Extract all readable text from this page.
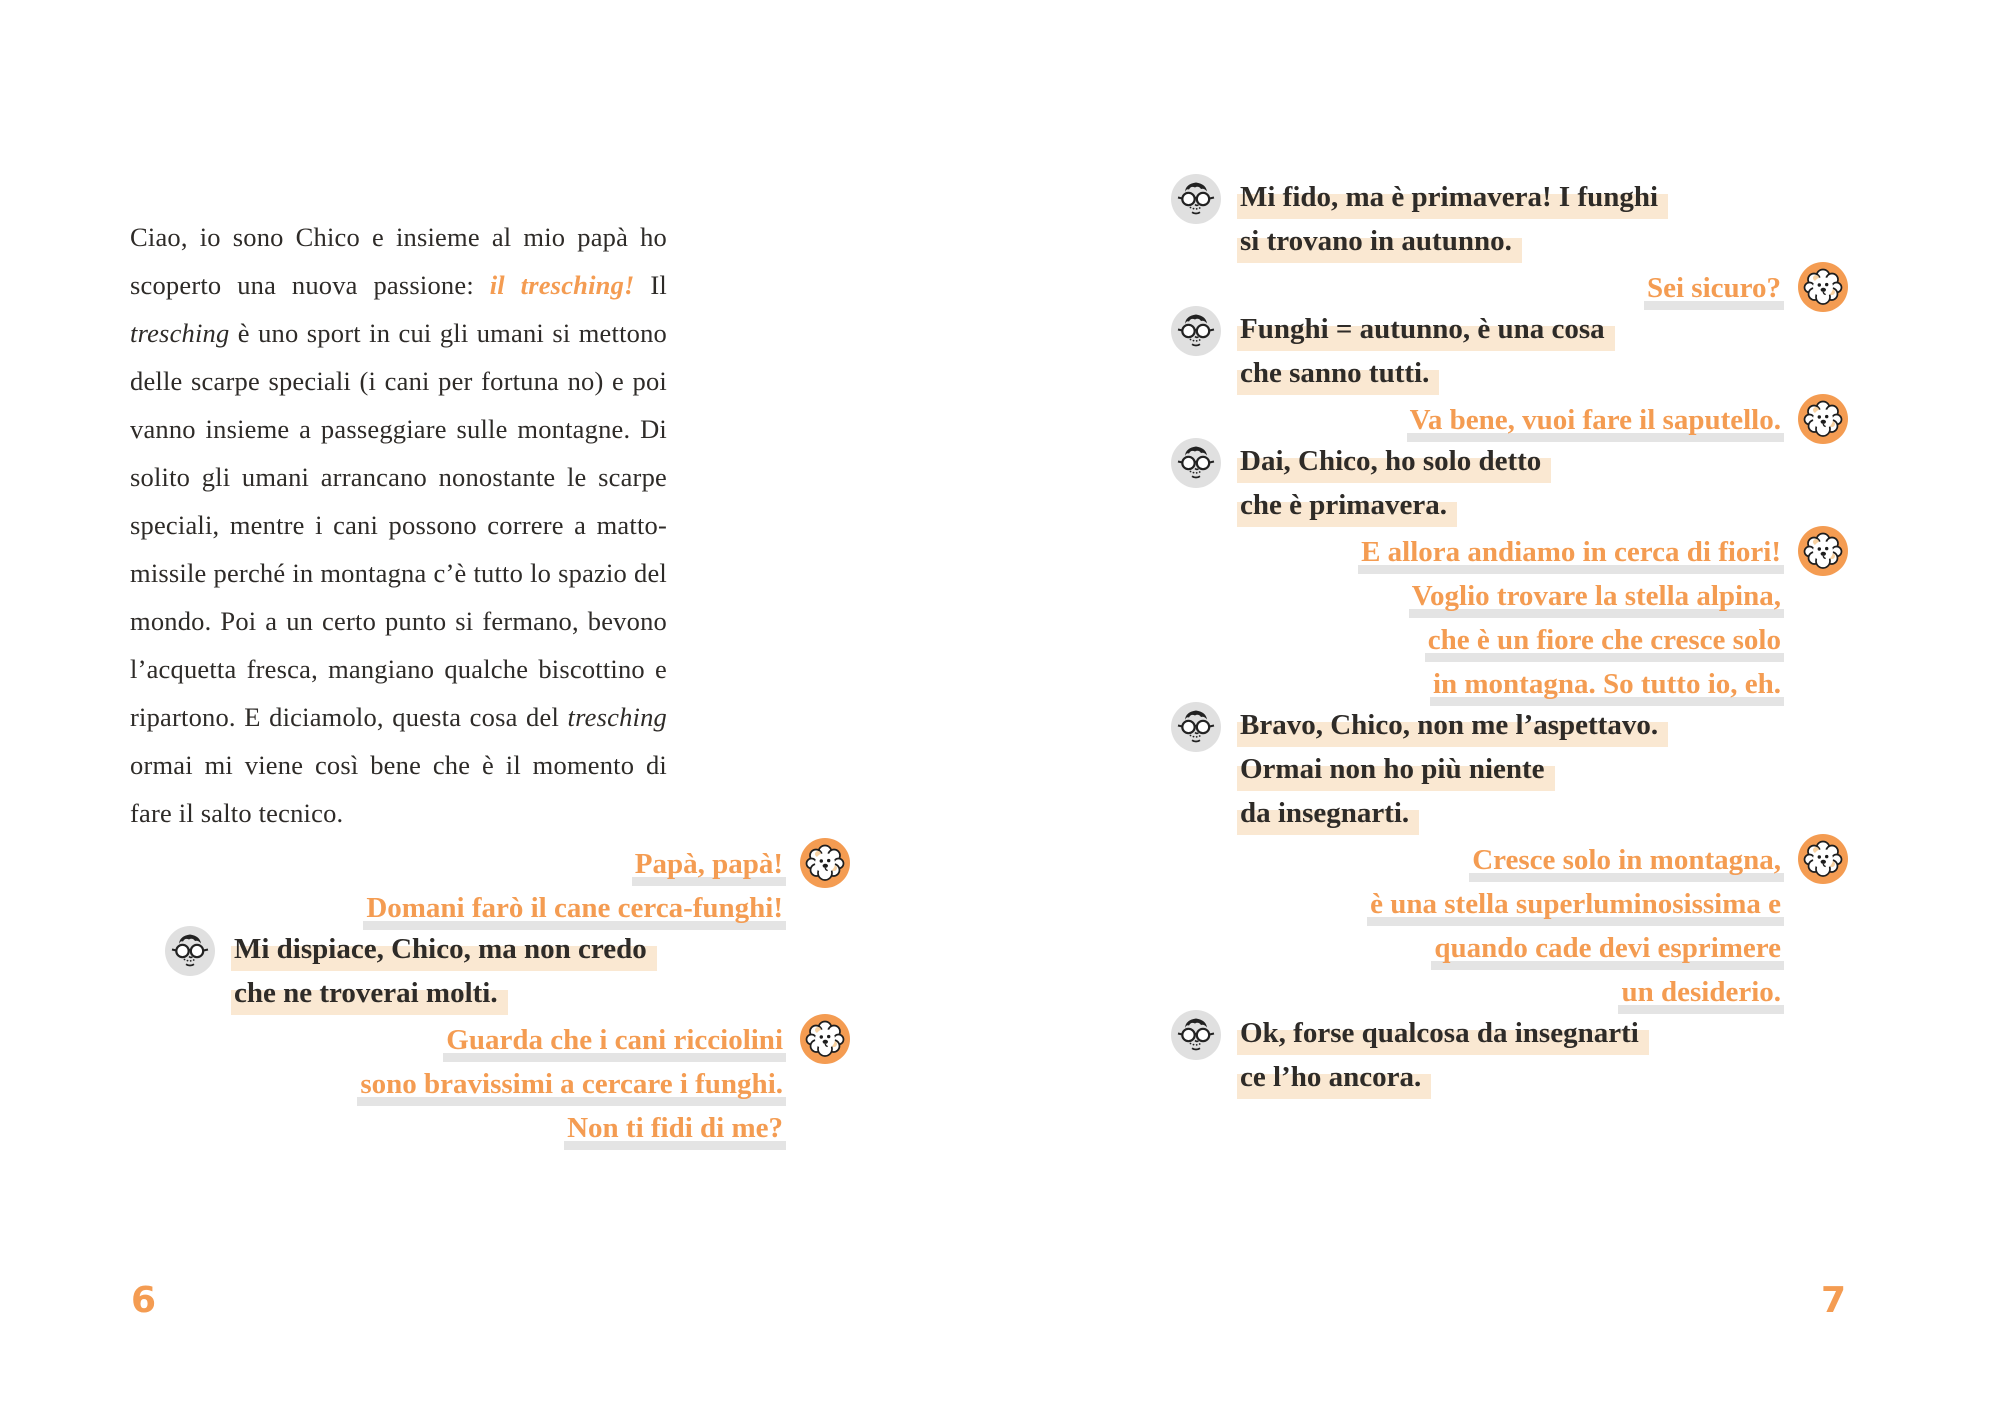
Ciao, io sono Chico e insieme al mio papà ho scoperto una nuova passione: il tresching! Il tresching è uno sport in cui gli umani si mettono delle scarpe speciali (i cani per fortuna no) e poi vanno insieme a passeggiare sulle montagne. Di solito gli umani arrancano nonostante le scarpe speciali, mentre i cani possono correre a matto-missile perché in montagna c’è tutto lo spazio del mondo. Poi a un certo punto si fermano, bevono l’acquetta fresca, mangiano qualche biscottino e ripartono. E diciamolo, questa cosa del tresching ormai mi viene così bene che è il momento di fare il salto tecnico.

Papà, papà!
Domani farò il cane cerca-funghi!
Mi dispiace, Chico, ma non credo
che ne troverai molti.
Guarda che i cani ricciolini
sono bravissimi a cercare i funghi.
Non ti fidi di me?
6
Mi fido, ma è primavera! I funghi
si trovano in autunno.
Sei sicuro?
Funghi = autunno, è una cosa
che sanno tutti.
Va bene, vuoi fare il saputello.
Dai, Chico, ho solo detto
che è primavera.
E allora andiamo in cerca di fiori!
Voglio trovare la stella alpina,
che è un fiore che cresce solo
in montagna. So tutto io, eh.
Bravo, Chico, non me l’aspettavo.
Ormai non ho più niente
da insegnarti.
Cresce solo in montagna,
è una stella superluminosissima e
quando cade devi esprimere
un desiderio.
Ok, forse qualcosa da insegnarti
ce l’ho ancora.
7
